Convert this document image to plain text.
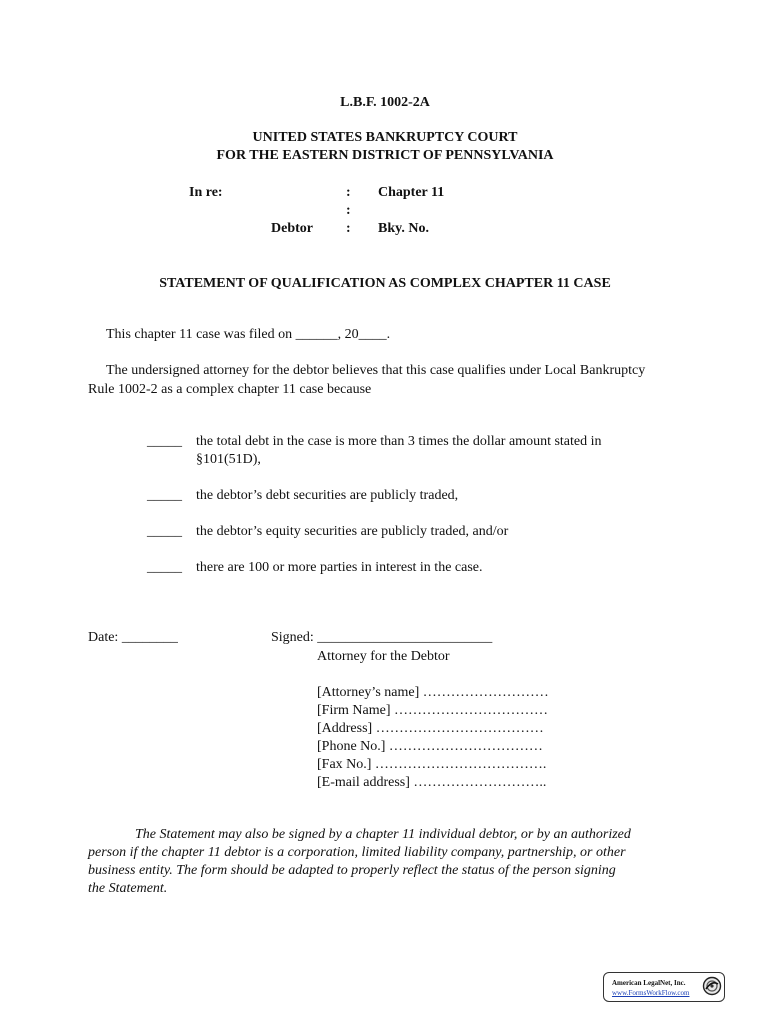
L.B.F. 1002-2A
UNITED STATES BANKRUPTCY COURT
FOR THE EASTERN DISTRICT OF PENNSYLVANIA
In re:	: Chapter 11
:
Debtor : Bky. No.
STATEMENT OF QUALIFICATION AS COMPLEX CHAPTER 11 CASE
This chapter 11 case was filed on ______, 20____.
The undersigned attorney for the debtor believes that this case qualifies under Local Bankruptcy
Rule 1002-2 as a complex chapter 11 case because
_____ the total debt in the case is more than 3 times the dollar amount stated in
§101(51D),
_____ the debtor’s debt securities are publicly traded,
_____ the debtor’s equity securities are publicly traded, and/or
_____ there are 100 or more parties in interest in the case.
Date: ________	Signed: _________________________
Attorney for the Debtor
[Attorney’s name] ………………………
[Firm Name] ……………………………
[Address] ………………………………
[Phone No.] ……………………………
[Fax No.] ……………………………….
[E-mail address] ………………………..
The Statement may also be signed by a chapter 11 individual debtor, or by an authorized
person if the chapter 11 debtor is a corporation, limited liability company, partnership, or other
business entity. The form should be adapted to properly reflect the status of the person signing
the Statement.
American LegalNet, Inc.
www.FormsWorkFlow.com
